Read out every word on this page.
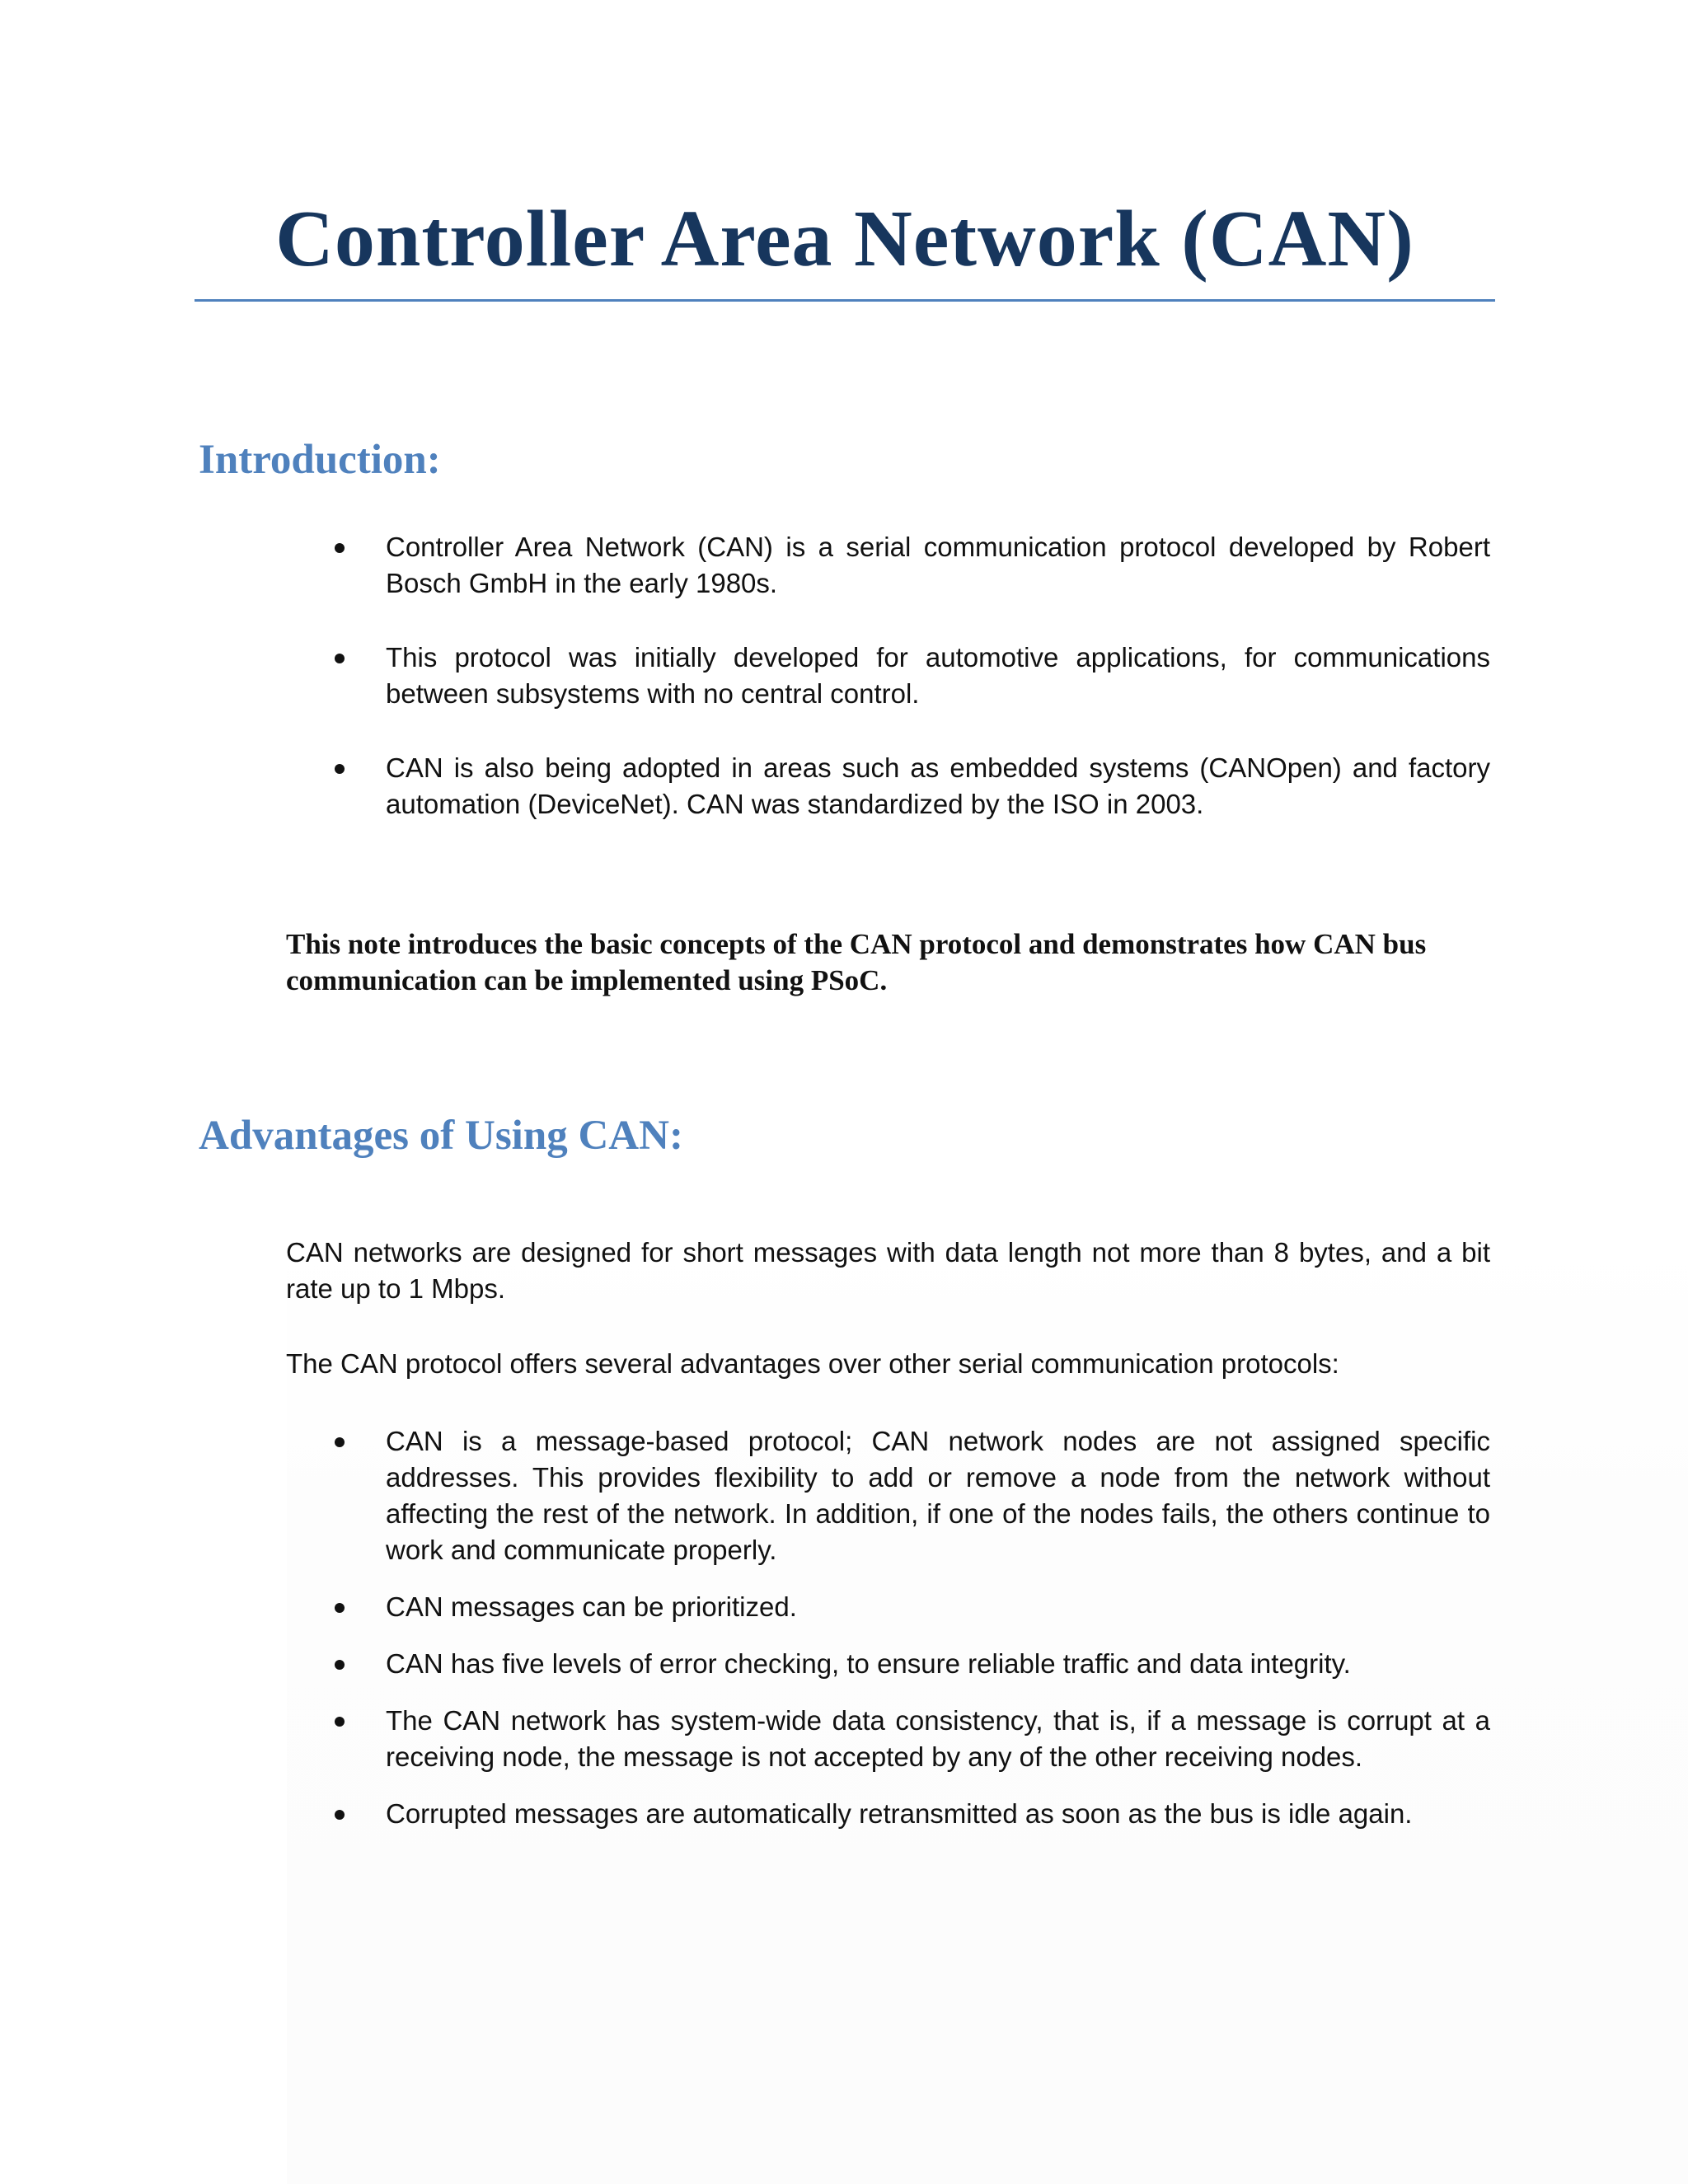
Controller Area Network (CAN)
Introduction:
Controller Area Network (CAN) is a serial communication protocol developed by Robert Bosch GmbH in the early 1980s.
This protocol was initially developed for automotive applications, for communications between subsystems with no central control.
CAN is also being adopted in areas such as embedded systems (CANOpen) and factory automation (DeviceNet). CAN was standardized by the ISO in 2003.

This note introduces the basic concepts of the CAN protocol and demonstrates how CAN bus communication can be implemented using PSoC.

Advantages of Using CAN:

CAN networks are designed for short messages with data length not more than 8 bytes, and a bit rate up to 1 Mbps.

The CAN protocol offers several advantages over other serial communication protocols:

CAN is a message-based protocol; CAN network nodes are not assigned specific addresses. This provides flexibility to add or remove a node from the network without affecting the rest of the network. In addition, if one of the nodes fails, the others continue to work and communicate properly.
CAN messages can be prioritized.
CAN has five levels of error checking, to ensure reliable traffic and data integrity.
The CAN network has system-wide data consistency, that is, if a message is corrupt at a receiving node, the message is not accepted by any of the other receiving nodes.
Corrupted messages are automatically retransmitted as soon as the bus is idle again.
